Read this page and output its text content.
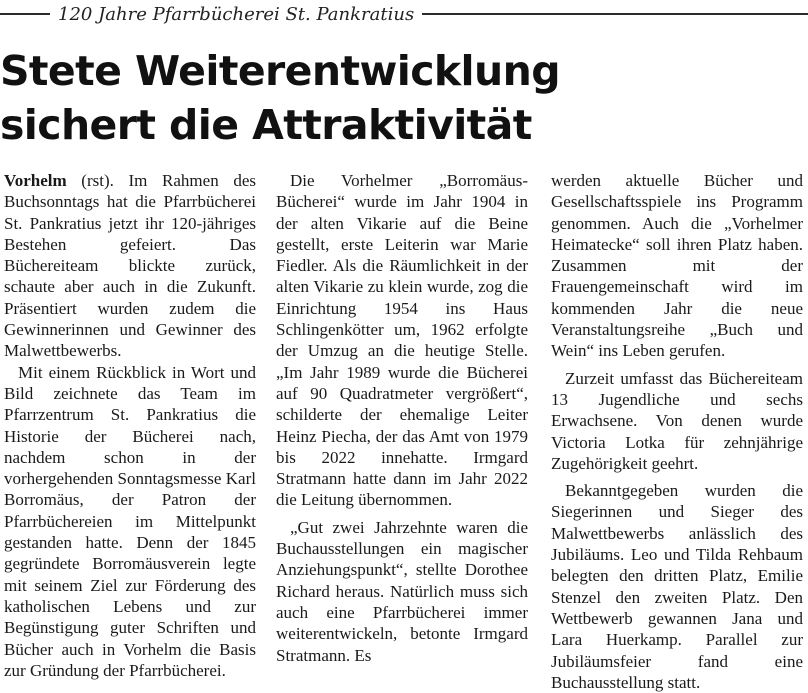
120 Jahre Pfarrbücherei St. Pankratius
Stete Weiterentwicklung
sichert die Attraktivität

Vorhelm (rst). Im Rahmen des Buchsonntags hat die Pfarrbücherei St. Pankratius jetzt ihr 120-jähriges Bestehen gefeiert. Das Büchereiteam blickte zurück, schaute aber auch in die Zukunft. Präsentiert wurden zudem die Gewinnerinnen und Gewinner des Malwettbewerbs.

Mit einem Rückblick in Wort und Bild zeichnete das Team im Pfarrzentrum St. Pankratius die Historie der Bücherei nach, nachdem schon in der vorhergehenden Sonntagsmesse Karl Borromäus, der Patron der Pfarrbüchereien im Mittelpunkt gestanden hatte. Denn der 1845 gegründete Borromäusverein legte mit seinem Ziel zur Förderung des katholischen Lebens und zur Begünstigung guter Schriften und Bücher auch in Vorhelm die Basis zur Gründung der Pfarrbücherei.

Die Vorhelmer „Borromäus-Bücherei“ wurde im Jahr 1904 in der alten Vikarie auf die Beine gestellt, erste Leiterin war Marie Fiedler. Als die Räumlichkeit in der alten Vikarie zu klein wurde, zog die Einrichtung 1954 ins Haus Schlingenkötter um, 1962 erfolgte der Umzug an die heutige Stelle. „Im Jahr 1989 wurde die Bücherei auf 90 Quadratmeter vergrößert“, schilderte der ehemalige Leiter Heinz Piecha, der das Amt von 1979 bis 2022 innehatte. Irmgard Stratmann hatte dann im Jahr 2022 die Leitung übernommen.

„Gut zwei Jahrzehnte waren die Buchausstellungen ein magischer Anziehungspunkt“, stellte Dorothee Richard heraus. Natürlich muss sich auch eine Pfarrbücherei immer weiterentwickeln, betonte Irmgard Stratmann. Es

werden aktuelle Bücher und Gesellschaftsspiele ins Programm genommen. Auch die „Vorhelmer Heimatecke“ soll ihren Platz haben. Zusammen mit der Frauengemeinschaft wird im kommenden Jahr die neue Veranstaltungsreihe „Buch und Wein“ ins Leben gerufen.

Zurzeit umfasst das Büchereiteam 13 Jugendliche und sechs Erwachsene. Von denen wurde Victoria Lotka für zehnjährige Zugehörigkeit geehrt.

Bekanntgegeben wurden die Siegerinnen und Sieger des Malwettbewerbs anlässlich des Jubiläums. Leo und Tilda Rehbaum belegten den dritten Platz, Emilie Stenzel den zweiten Platz. Den Wettbewerb gewannen Jana und Lara Huerkamp. Parallel zur Jubiläumsfeier fand eine Buchausstellung statt.
